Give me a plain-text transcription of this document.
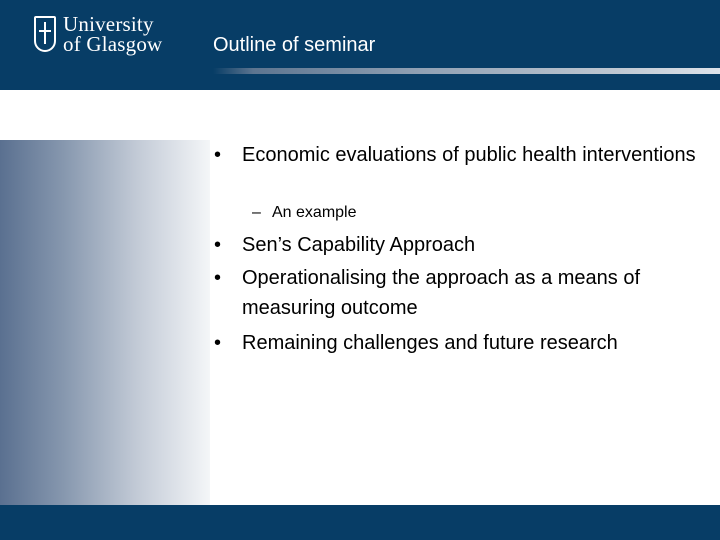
University
of Glasgow	Outline of seminar
• Economic evaluations of public health interventions
– An example
• Sen’s Capability Approach
• Operationalising the approach as a means of measuring outcome
• Remaining challenges and future research
